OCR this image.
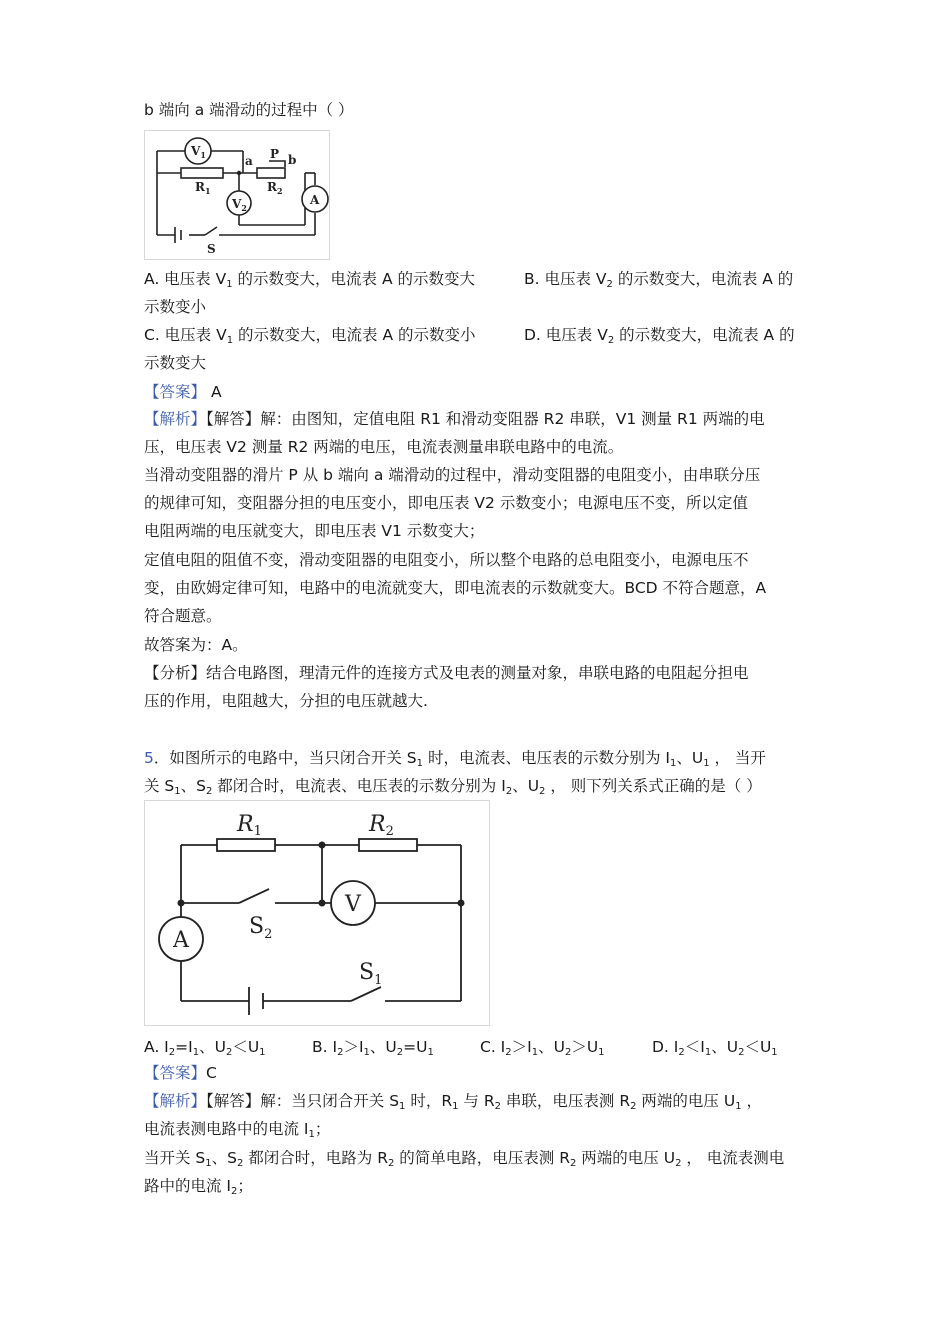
b 端向 a 端滑动的过程中（ ）
$V_1$
$V_2$
A
$R_1$	$R_2$
a	b
P
S
A. 电压表 $V_1$ 的示数变大，电流表 A 的示数变大	B. 电压表 $V_2$ 的示数变大，电流表 A 的
示数变小
C. 电压表 $V_1$ 的示数变大，电流表 A 的示数变小	D. 电压表 $V_2$ 的示数变大，电流表 A 的
示数变大
【答案】 A
【解析】【解答】解：由图知，定值电阻 R1 和滑动变阻器 R2 串联，V1 测量 R1 两端的电
压，电压表 V2 测量 R2 两端的电压，电流表测量串联电路中的电流。
当滑动变阻器的滑片 P 从 b 端向 a 端滑动的过程中，滑动变阻器的电阻变小，由串联分压
的规律可知，变阻器分担的电压变小，即电压表 V2 示数变小；电源电压不变，所以定值
电阻两端的电压就变大，即电压表 V1 示数变大；
定值电阻的阻值不变，滑动变阻器的电阻变小，所以整个电路的总电阻变小，电源电压不
变，由欧姆定律可知，电路中的电流就变大，即电流表的示数就变大。BCD 不符合题意，A
符合题意。
故答案为：A。
【分析】结合电路图，理清元件的连接方式及电表的测量对象，串联电路的电阻起分担电
压的作用，电阻越大，分担的电压就越大.
5．如图所示的电路中，当只闭合开关 $S_1$ 时，电流表、电压表的示数分别为 $I_1$、$U_1$ ， 当开
关 $S_1$、$S_2$ 都闭合时，电流表、电压表的示数分别为 $I_2$、$U_2$ ， 则下列关系式正确的是（ ）
R1	R2
V
A
$S_2$
$S_1$
A. $I_2=I_1$、$U_2<U_1$	B. $I_2>I_1$、$U_2=U_1$	C. $I_2>I_1$、$U_2>U_1$	D. $I_2<I_1$、$U_2<U_1$
【答案】C
【解析】【解答】解：当只闭合开关 $S_1$ 时，$R_1$ 与 $R_2$ 串联，电压表测 $R_2$ 两端的电压 $U_1$ ，
电流表测电路中的电流 $I_1$；
当开关 $S_1$、$S_2$ 都闭合时，电路为 $R_2$ 的简单电路，电压表测 $R_2$ 两端的电压 $U_2$ ， 电流表测电
路中的电流 $I_2$；
